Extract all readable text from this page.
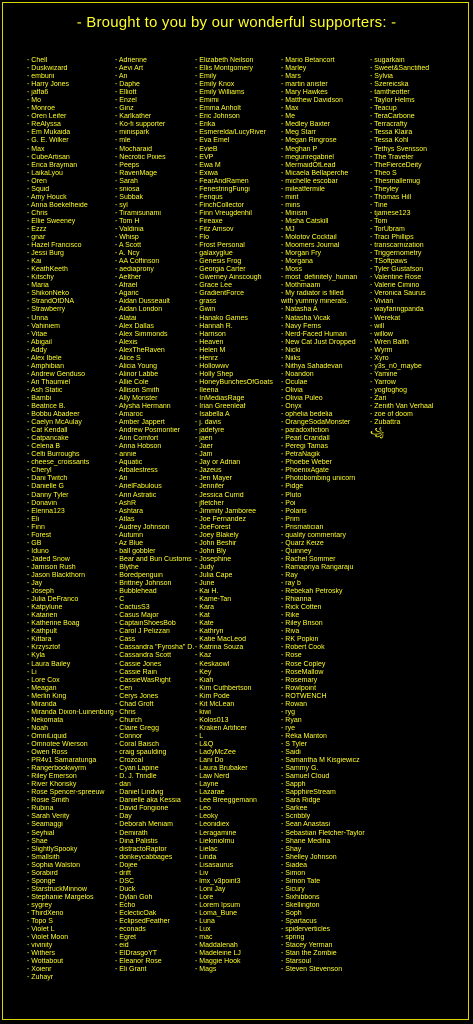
- Brought to you by our wonderful supporters: -
- Chell
- Duskwizard
- emburii
- Harry Jones
- jaffa6
- Mo
- Monroe
- Oren Leifer
- ReAlyssa
- Em Mukaida
- G. E. Wilker
- Max
- CubeArtisan
- Erica Brayman
- LaikaLyou
- Oren
- Squid
- Amy Houck
- Anna Boekelheide
- Chris
- Ellie Sweeney
- Ezzz
- gnar
- Hazel Francisco
- Jessi Burg
- Kai
- KeathKeeth
- Kitschy
- Maria
- ShikonNeko
- StrandOfDNA
- Strawberry
- Unna
- Vahiniem
- Vitae
- Abigail
- Addy
- Alex Ibele
- Amphibian
- Andrew Genduso
- Ari Thaumiel
- Ash Static
- Bambi
- Beatrice B.
- Bobbu Abadeer
- Caelyn McAulay
- Cat Kendall
- Catpancake
- Celena B
- Celti Burroughs
- cheese_croissants
- Cheryl
- Dani Twitch
- Danielle G
- Danny Tyler
- Donavin
- Elenna123
- Eli
- Finn
- Forest
- GB
- Iduno
- Jaded Snow
- Jamison Rush
- Jason Blackthorn
- Jay
- Joseph
- Julia DeFranco
- Katpylune
- Katarien
- Katherine Boag
- Kathpult
- Kittara
- Krzysztof
- Kyla
- Laura Bailey
- Li
- Lore Cox
- Meagan
- Merlin King
- Miranda
- Miranda Dixon-Luinenburg
- Nekomata
- Noah
- OmniLiquid
- Omnotee Wierson
- Owen Ross
- PR4v1 Samaratunga
- Rangerbookwyrm
- Riley Emerson
- River Khorisky
- Rose Spencer-spreeuw
- Rosie Smith
- Rubina
- Sarah Verity
- Seamaggi
- Seyhial
- Shae
- SlightlySpooky
- Smallsith
- Sophia Walston
- Sorabird
- Sponge
- StarstruckMinnow
- Stephanie Margelos
- sygrey
- ThirdXeno
- Topo S
- Violet L
- Violet Moon
- vivinity
- Withers
- Wottabout
- Xoienr
- Zuhayr
- Adrienne
- Aevi Art
- An
- Daphe
- Elliott
- Enzel
- Ginz
- Karlkather
- Ko-fi supporter
- minispark
- mle
- Mocharaid
- Necrotic Pixies
- Peeps
- RavenMage
- Sarah
- sniosa
- Subbak
- syl
- Tiramisunami
- Tom H
- Valdinia
- Whisp
- A Scott
- A. Ncy
- AA Coffinson
- aediaprony
- Aelther
- Afrael
- Agaric
- Aidan Dusseault
- Aidan London
- Alatai
- Alex Dallas
- Alex Simmonds
- Alexis
- AlexTheRaven
- Alice S
- Alicia Young
- Alinor Labbe
- Allie Cole
- Allison Smith
- Ally Monster
- Alysha Hermann
- Amaroc
- Amber Jappert
- Andrew Posmontier
- Ann Comfort
- Anna Hobson
- annie
- Aquatic
- Arbalestress
- Ari
- ArielFabulous
- Arin Astratic
- AshR
- Ashtara
- Atlas
- Audrey Johnson
- Autumn
- Az Blue
- ball gobbler
- Bear and Bun Customs
- Blythe
- Boredpenguin
- Brittney Johnson
- Bubblehead
- C
- CactusS3
- Casus Major
- CaptainShoesBob
- Carol J Pelizzari
- Cass
- Cassandra "Fyrosha" D.
- Cassandra Scott
- Cassie Jones
- Cassie Rain
- CassieWasRight
- Cen
- Cerys Jones
- Chad Groft
- Chris
- Church
- Claire Gregg
- Connor
- Coral Baisch
- craig spaulding
- Crozcal
- Cyan Lapine
- D. J. Trindle
- dan
- Daniel Lindvig
- Danielle aka Kessia
- David Fongione
- Day
- Deborah Meniam
- Demirath
- Dina Palistis
- distractoRaptor
- donkeycabbages
- Dojee
- drift
- DSC
- Duck
- Dylan Goh
- Echo
- EclecticOak
- EclipsedFeather
- econads
- Egret
- eid
- ElDrasgoYT
- Eleanor Rose
- Eli Grant
- Elizabeth Neilson
- Ellis Montgomery
- Emily
- Emily Knox
- Emily Williams
- Emimi
- Emma Anholt
- Eric Johnson
- Erika
- Esmerelda/LucyRiver
- Eva Emel
- EvieB
- EVP
- Ewa M
- Exiwa
- FearAndRamen
- FenestringFungi
- Fenqus
- FinchCollector
- Finn Vreugdenhil
- Fireaxe
- Fitz Amsov
- Flo
- Frost Personal
- galaxyglue
- Genesis Frog
- Georgia Carter
- Gwerney Ainscough
- Grace Lee
- GradientForce
- grass
- Gwin
- Hanako Games
- Hannah R.
- Harrison
- Heaven
- Helen M
- Henrz
- Hollowwv
- Holly Shep
- HoneyBunchesOfGoats
- Ileena
- InMediasRage
- Irian Greenleaf
- Isabella A
- j. davis
- jadefyre
- jaen
- Jaer
- Jam
- Jay or Adrian
- Jazeus
- Jen Mayer
- Jennifer
- Jessica Currid
- jfletcher
- Jimmity Jamboree
- Joe Fernandez
- JoeForest
- Joey Blakely
- John Beshir
- John Bly
- Josephine
- Judy
- Julia Cape
- June
- Kai H.
- Kame-Tan
- Kara
- Kat
- Kate
- Kathryn
- Katie MacLeod
- Katrina Souza
- Kaz
- Keskaowl
- Key
- Kiah
- Kim Cuthbertson
- Kim Pode
- Kit McLean
- kiwi
- Kolos013
- Kraken Artificer
- L
- L&Q
- LadyMcZee
- Lani Do
- Laura Brubaker
- Law Nerd
- Layne
- Lazarae
- Lee Breeggemann
- Leo
- Leoky
- Leonidiex
- Leragamine
- Liekiniolmu
- Lielac
- Linda
- Lisasaurus
- Liv
- lmx_v3point3
- Loni Jay
- Lore
- Lorem Ipsum
- Loma_Bune
- Luna
- Lux
- mac
- Maddalenah
- Madeleine LJ
- Maggie Hook
- Mags
- Mario Betancort
- Marley
- Mars
- martin anister
- Mary Hawkes
- Matthew Davidson
- Max
- Me
- Medley Baxter
- Meg Starr
- Megan Ringrose
- Meghan P
- meguriregabriel
- MermaidOfLead
- Micaela Bellaperche
- michelle escobar
- mileatfermile
- mint
- mins
- Minism
- Misha Catskill
- MJ
- Molotov Cocktail
- Moomers Journal
- Morgan Fry
- Morgana
- Moss
- most_definitely_human
- Mothmaam
- My radiator is filled
with yummy minerals.
- Natasha A
- Natasha Vicak
- Navy Ferns
- Nerd-Faced Human
- New Cat Just Dropped
- Nicki
- Niiks
- Nithya Sahadevan
- Noandon
- Oculae
- Olivia
- Olivia Puleo
- Onyx
- ophelia bedelia
- OrangeSodaMonster
- paradoxfiction
- Pearl Crandall
- Peregi Tamas
- PetraNagik
- Phoebe Weber
- PhoenixAgate
- Photobombing unicorn
- Pidge
- Pluto
- Poi
- Polaris
- Prim
- Prismatician
- quality commentary
- Quarz Keize
- Quinney
- Rachel Sommer
- Ramapriya Rangaraju
- Ray
- ray b
- Rebekah Petrosky
- Rhianna
- Rick Cotten
- Rike
- Riley Brison
- Riva
- RK Popkin
- Robert Cook
- Rose
- Rose Copley
- RoseMallow
- Rosemary
- Rowlpoint
- ROTWENCH
- Rowan
- ryg
- Ryan
- rye
- Réka Manton
- S Tyler
- Saidi
- Samantha M Kisgiewicz
- Sammy G.
- Samuel Cloud
- Sapph
- SapphireStream
- Sara Ridge
- Sarkee
- Scribbly
- Sean Anastasi
- Sebastian Fletcher-Taylor
- Shane Medina
- Shay
- Shelley Johnson
- Siadea
- Simon
- Simon Tate
- Sicury
- Sixhibbons
- Skellington
- Soph
- Spartacus
- spiderverticles
- spring
- Stacey Yerman
- Stan the Zombie
- Starsoul
- Steven Stevenson
- sugarkain
- Sweet&Sanctified
- Sylvia
- Szereicska
- tamtheotter
- Taylor Helms
- Teacup
- TeraCarbone
- Terracrafty
- Tessa Klaira
- Tessa Kohl
- Tethys Svensson
- The Traveler
- TheFierceDeity
- Theo S
- Thesmallemug
- Theyley
- Thomas Hill
- Tine
- tjamese123
- Tom
- TorUbram
- Traci Phillips
- transcarnization
- Triggernometry
- TSoftpaws
- Tyler Gustafson
- Valentine Rose
- Valerie Cimino
- Veronica Saurus
- Vivian
- wayfaringpanda
- Werekat
- will
- willow
- Wren Balth
- Wyrm
- Xyro
- y3s_n0_maybe
- Yamine
- Yarrow
- yogfoghog
- Zari
- Zenith Van Verhaal
- zoe of doom
- Zubattra
꧁
